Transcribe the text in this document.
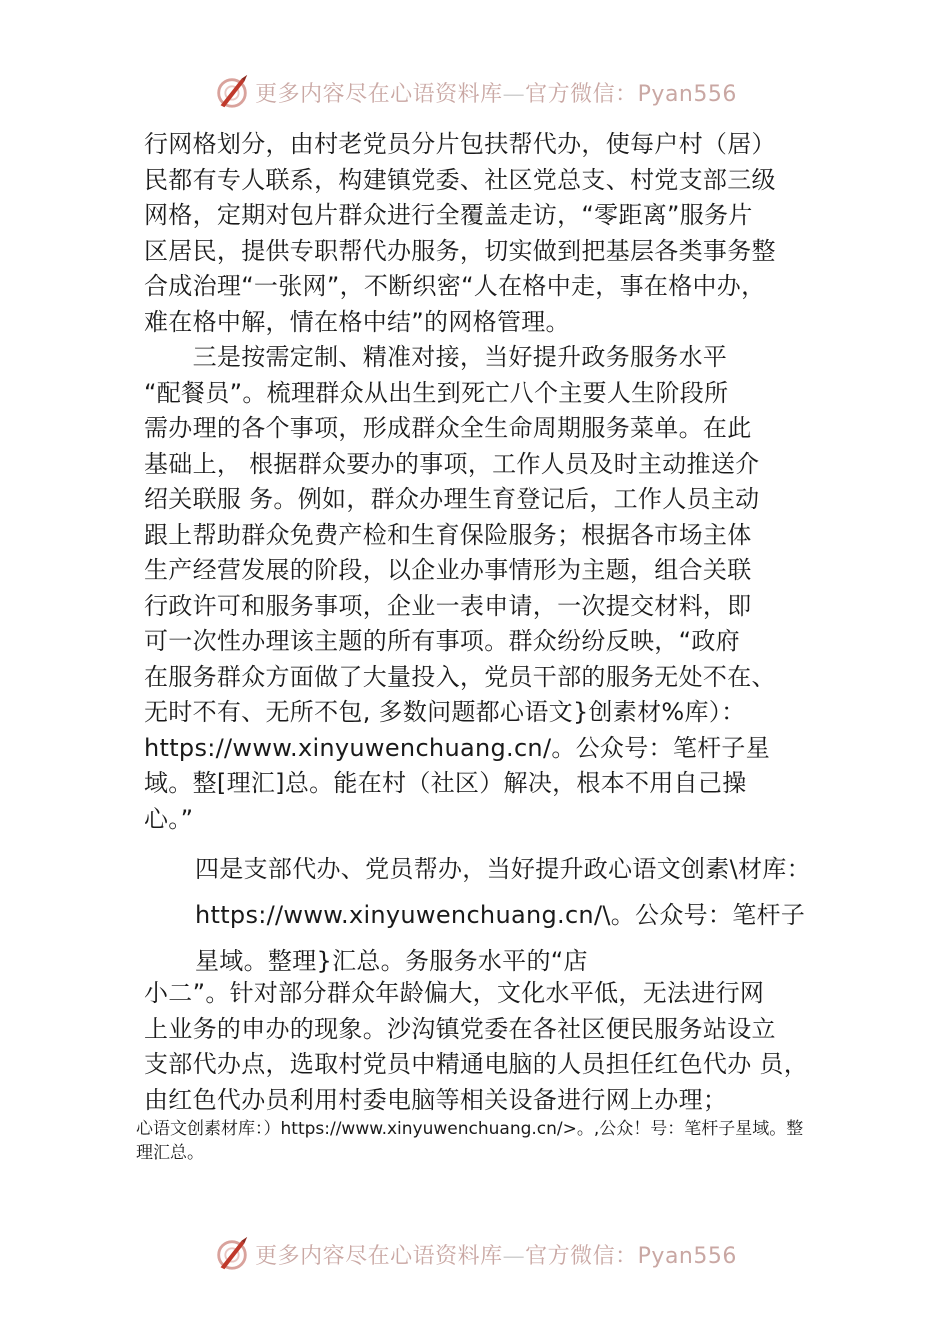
更多内容尽在心语资料库—官方微信：Pyan556
行网格划分，由村老党员分片包扶帮代办，使每户村（居）
民都有专人联系，构建镇党委、社区党总支、村党支部三级
网格，定期对包片群众进行全覆盖走访，“零距离”服务片
区居民，提供专职帮代办服务，切实做到把基层各类事务整
合成治理“一张网”，不断织密“人在格中走，事在格中办，
难在格中解，情在格中结”的网格管理。
　　三是按需定制、精准对接，当好提升政务服务水平
“配餐员”。梳理群众从出生到死亡八个主要人生阶段所
需办理的各个事项，形成群众全生命周期服务菜单。在此
基础上， 根据群众要办的事项，工作人员及时主动推送介
绍关联服 务。例如，群众办理生育登记后，工作人员主动
跟上帮助群众免费产检和生育保险服务；根据各市场主体
生产经营发展的阶段，以企业办事情形为主题，组合关联
行政许可和服务事项，企业一表申请，一次提交材料，即
可一次性办理该主题的所有事项。群众纷纷反映，“政府
在服务群众方面做了大量投入，党员干部的服务无处不在、
无时不有、无所不包, 多数问题都心语文}创素材%库）：
https://www.xinyuwenchuang.cn/。公众号：笔杆子星
域。整[理汇]总。能在村（社区）解决，根本不用自己操
心。”
四是支部代办、党员帮办，当好提升政心语文创素\材库：
https://www.xinyuwenchuang.cn/\。公众号：笔杆子
星域。整理}汇总。务服务水平的“店
小二”。针对部分群众年龄偏大，文化水平低，无法进行网
上业务的申办的现象。沙沟镇党委在各社区便民服务站设立
支部代办点，选取村党员中精通电脑的人员担任红色代办 员，
由红色代办员利用村委电脑等相关设备进行网上办理；
心语文创素材库：）https://www.xinyuwenchuang.cn/>。,公众！号：笔杆子星域。整
理汇总。
更多内容尽在心语资料库—官方微信：Pyan556
